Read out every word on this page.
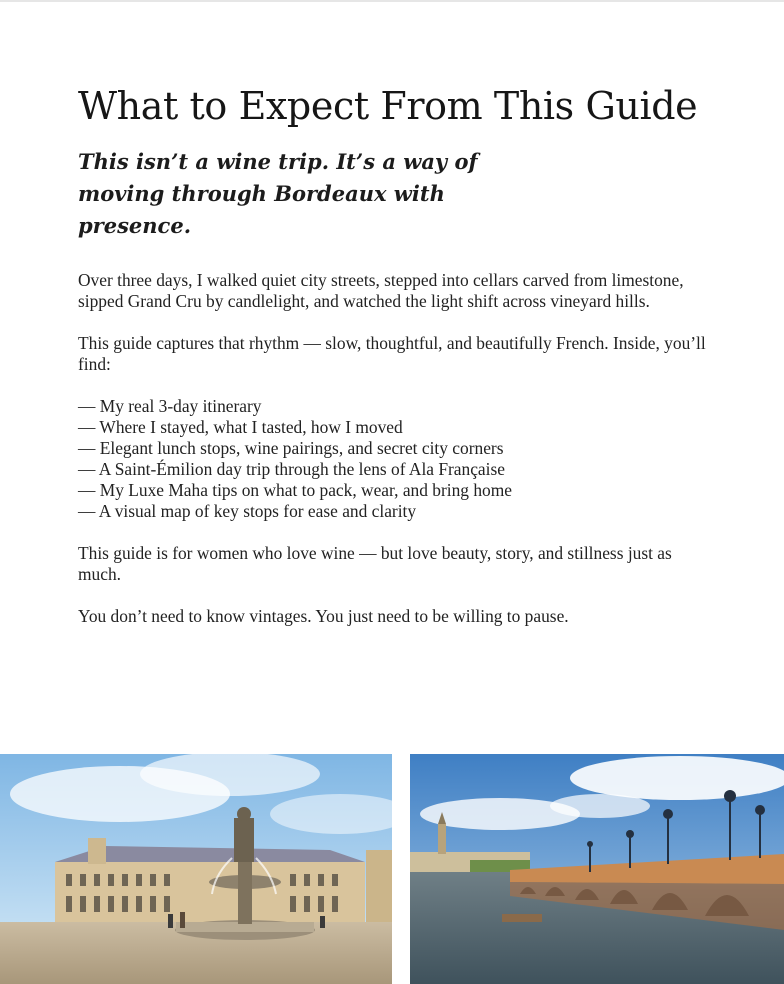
What to Expect From This Guide
This isn’t a wine trip. It’s a way of moving through Bordeaux with presence.

Over three days, I walked quiet city streets, stepped into cellars carved from limestone, sipped Grand Cru by candlelight, and watched the light shift across vineyard hills.

This guide captures that rhythm — slow, thoughtful, and beautifully French. Inside, you’ll find:

— My real 3-day itinerary
— Where I stayed, what I tasted, how I moved
— Elegant lunch stops, wine pairings, and secret city corners
— A Saint-Émilion day trip through the lens of Ala Française
— My Luxe Maha tips on what to pack, wear, and bring home
— A visual map of key stops for ease and clarity

This guide is for women who love wine — but love beauty, story, and stillness just as much.

You don’t need to know vintages. You just need to be willing to pause.
